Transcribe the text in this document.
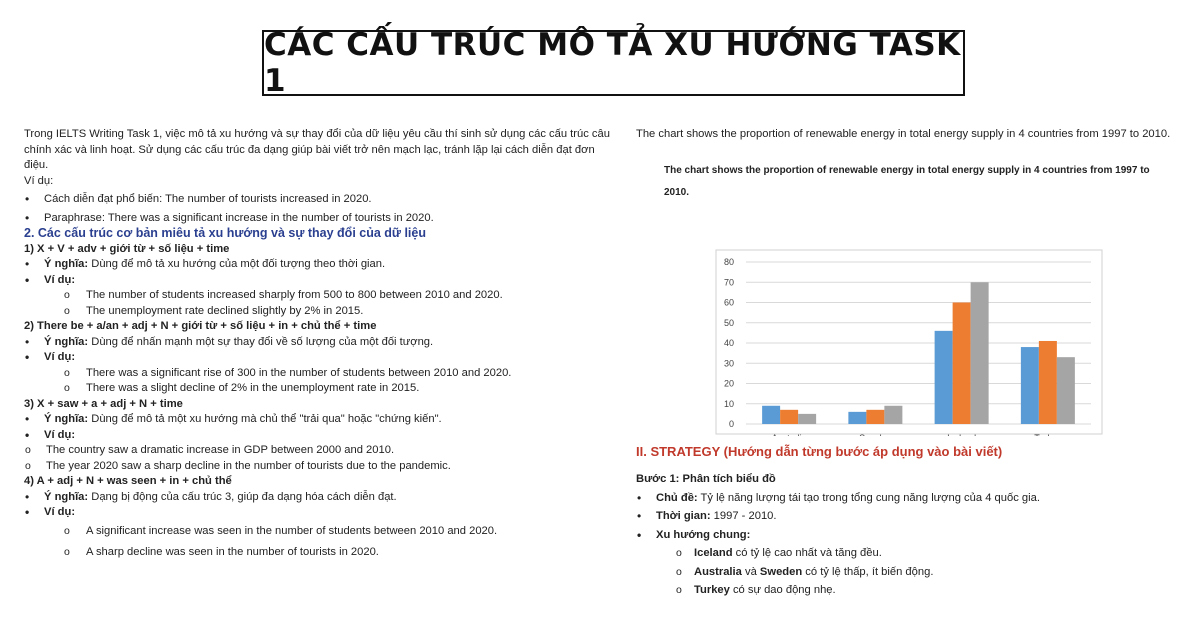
CÁC CẤU TRÚC MÔ TẢ XU HƯỚNG TASK 1

Trong IELTS Writing Task 1, việc mô tả xu hướng và sự thay đổi của dữ liệu yêu cầu thí sinh sử dụng các cấu trúc câu chính xác và linh hoạt. Sử dụng các cấu trúc đa dạng giúp bài viết trở nên mạch lạc, tránh lặp lại cách diễn đạt đơn điệu.

Ví dụ:

• Cách diễn đạt phổ biến: The number of tourists increased in 2020.

• Paraphrase: There was a significant increase in the number of tourists in 2020.

2. Các cấu trúc cơ bản miêu tả xu hướng và sự thay đổi của dữ liệu

1) X + V + adv + giới từ + số liệu + time

• Ý nghĩa: Dùng để mô tả xu hướng của một đối tượng theo thời gian.

• Ví dụ:

o The number of students increased sharply from 500 to 800 between 2010 and 2020.

o The unemployment rate declined slightly by 2% in 2015.

2) There be + a/an + adj + N + giới từ + số liệu + in + chủ thể + time

• Ý nghĩa: Dùng để nhấn mạnh một sự thay đổi về số lượng của một đối tượng.

• Ví dụ:

o There was a significant rise of 300 in the number of students between 2010 and 2020.

o There was a slight decline of 2% in the unemployment rate in 2015.

3) X + saw + a + adj + N + time

• Ý nghĩa: Dùng để mô tả một xu hướng mà chủ thể "trải qua" hoặc "chứng kiến".

• Ví dụ:

o The country saw a dramatic increase in GDP between 2000 and 2010.

o The year 2020 saw a sharp decline in the number of tourists due to the pandemic.

4) A + adj + N + was seen + in + chủ thể

• Ý nghĩa: Dạng bị động của cấu trúc 3, giúp đa dạng hóa cách diễn đạt.

• Ví dụ:

o A significant increase was seen in the number of students between 2010 and 2020.

o A sharp decline was seen in the number of tourists in 2020.

The chart shows the proportion of renewable energy in total energy supply in 4 countries from 1997 to 2010.

The chart shows the proportion of renewable energy in total energy supply in 4 countries from 1997 to 2010.

0
10
20
30
40
50
60
70
80

II. STRATEGY (Hướng dẫn từng bước áp dụng vào bài viết)

Bước 1: Phân tích biểu đồ

• Chủ đề: Tỷ lệ năng lượng tái tạo trong tổng cung năng lượng của 4 quốc gia.

• Thời gian: 1997 - 2010.

• Xu hướng chung:

o Iceland có tỷ lệ cao nhất và tăng đều.

o Australia và Sweden có tỷ lệ thấp, ít biến động.

o Turkey có sự dao động nhẹ.
